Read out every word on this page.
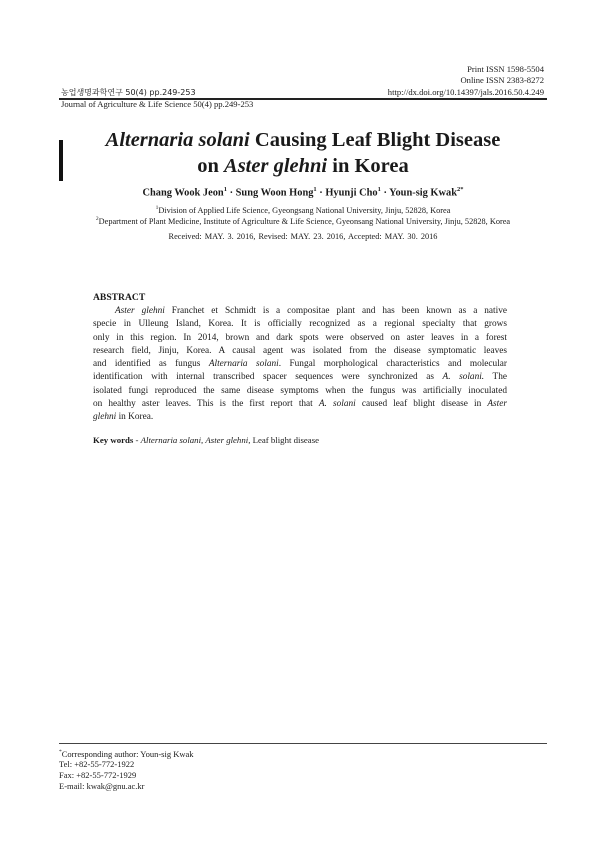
Print ISSN 1598-5504
Online ISSN 2383-8272
농업생명과학연구 50(4) pp.249-253	http://dx.doi.org/10.14397/jals.2016.50.4.249
Journal of Agriculture & Life Science 50(4) pp.249-253
Alternaria solani Causing Leaf Blight Disease
on Aster glehni in Korea
Chang Wook Jeon$^1$ · Sung Woon Hong$^1$ · Hyunji Cho$^1$ · Youn-sig Kwak$^{2*}$
$^1$Division of Applied Life Science, Gyeongsang National University, Jinju, 52828, Korea
$^2$Department of Plant Medicine, Institute of Agriculture & Life Science, Gyeonsang National University, Jinju, 52828, Korea
Received: MAY. 3. 2016, Revised: MAY. 23. 2016, Accepted: MAY. 30. 2016
ABSTRACT
Aster glehni Franchet et Schmidt is a compositae plant and has been known as a native
specie in Ulleung Island, Korea. It is officially recognized as a regional specialty that grows
only in this region. In 2014, brown and dark spots were observed on aster leaves in a forest
research field, Jinju, Korea. A causal agent was isolated from the disease symptomatic leaves
and identified as fungus Alternaria solani. Fungal morphological characteristics and molecular
identification with internal transcribed spacer sequences were synchronized as A. solani. The
isolated fungi reproduced the same disease symptoms when the fungus was artificially inoculated
on healthy aster leaves. This is the first report that A. solani caused leaf blight disease in Aster
glehni in Korea.
Key words - Alternaria solani, Aster glehni, Leaf blight disease
*Corresponding author: Youn-sig Kwak
Tel: +82-55-772-1922
Fax: +82-55-772-1929
E-mail: kwak@gnu.ac.kr
